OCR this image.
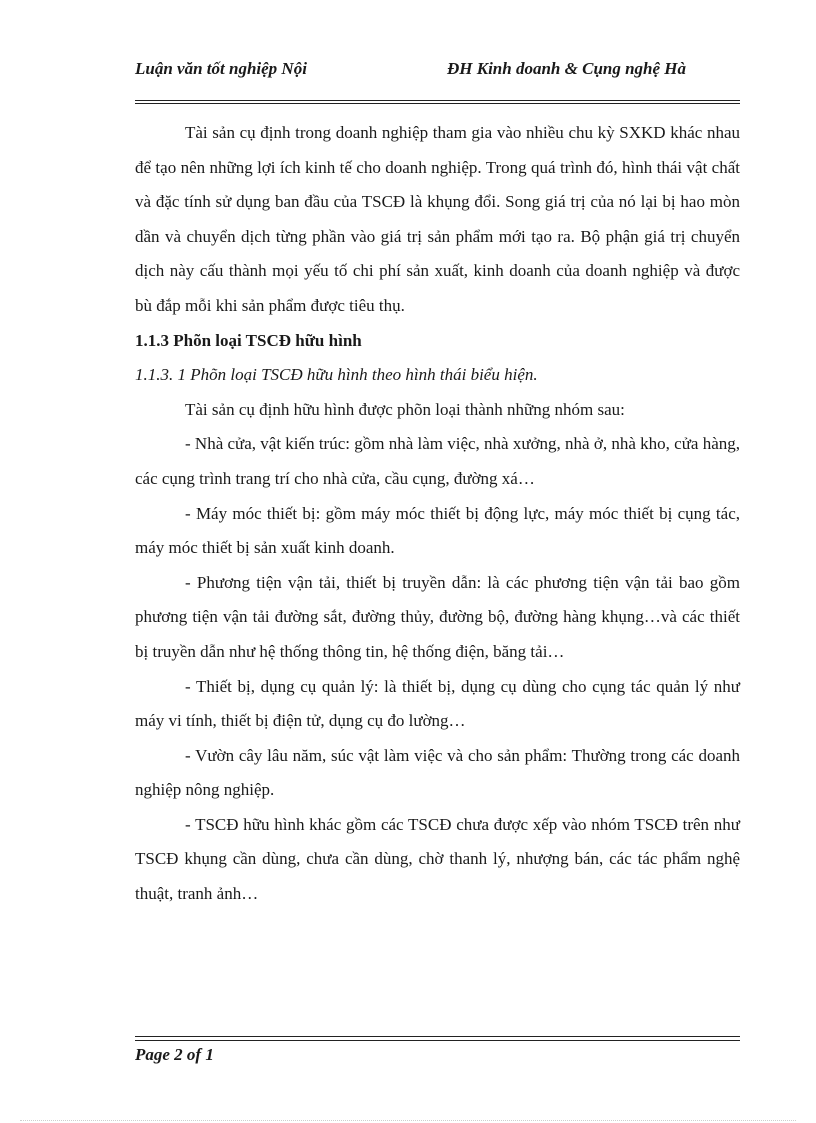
Luận văn tốt nghiệp Nội	ĐH Kinh doanh & Cụng nghệ Hà

Tài sản cụ định trong doanh nghiệp tham gia vào nhiều chu kỳ SXKD khác nhau để tạo nên những lợi ích kinh tế cho doanh nghiệp. Trong quá trình đó, hình thái vật chất và đặc tính sử dụng ban đầu của TSCĐ là khụng đổi. Song giá trị của nó lại bị hao mòn dần và chuyển dịch từng phần vào giá trị sản phẩm mới tạo ra. Bộ phận giá trị chuyển dịch này cấu thành mọi yếu tố chi phí sản xuất, kinh doanh của doanh nghiệp và được bù đắp mỗi khi sản phẩm được tiêu thụ.

1.1.3 Phõn loại TSCĐ hữu hình

1.1.3. 1 Phõn loại TSCĐ hữu hình theo hình thái biểu hiện.

Tài sản cụ định hữu hình được phõn loại thành những nhóm sau:

- Nhà cửa, vật kiến trúc: gồm nhà làm việc, nhà xưởng, nhà ở, nhà kho, cửa hàng, các cụng trình trang trí cho nhà cửa, cầu cụng, đường xá…

- Máy móc thiết bị: gồm máy móc thiết bị động lực, máy móc thiết bị cụng tác, máy móc thiết bị sản xuất kinh doanh.

- Phương tiện vận tải, thiết bị truyền dẫn: là các phương tiện vận tải bao gồm phương tiện vận tải đường sắt, đường thủy, đường bộ, đường hàng khụng…và các thiết bị truyền dẫn như hệ thống thông tin, hệ thống điện, băng tải…

- Thiết bị, dụng cụ quản lý: là thiết bị, dụng cụ dùng cho cụng tác quản lý như máy vi tính, thiết bị điện tử, dụng cụ đo lường…

- Vườn cây lâu năm, súc vật làm việc và cho sản phẩm: Thường trong các doanh nghiệp nông nghiệp.

- TSCĐ hữu hình khác gồm các TSCĐ chưa được xếp vào nhóm TSCĐ trên như TSCĐ khụng cần dùng, chưa cần dùng, chờ thanh lý, nhượng bán, các tác phẩm nghệ thuật, tranh ảnh…

Page 2 of 1
